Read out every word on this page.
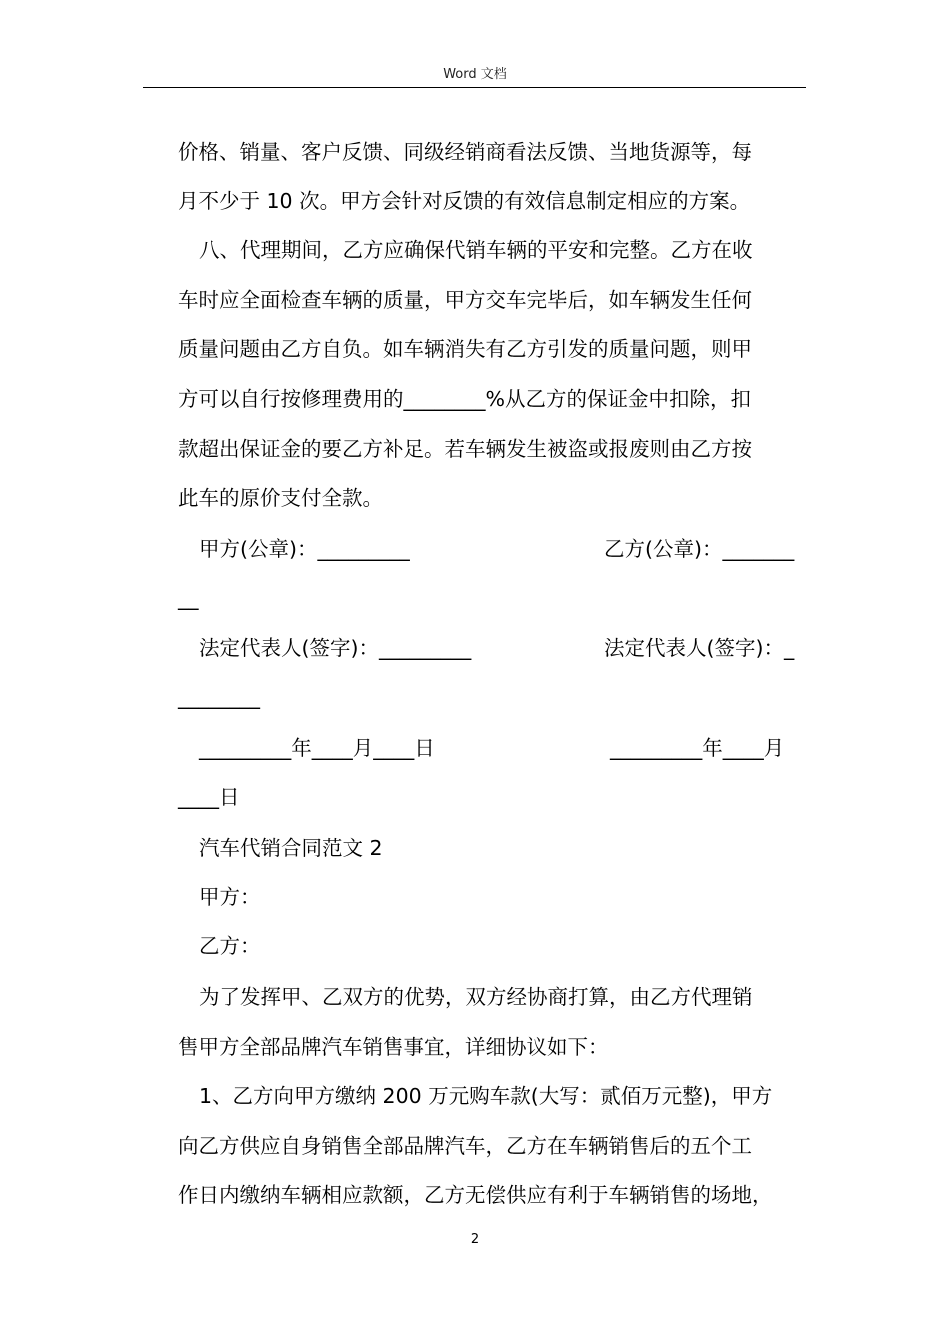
Word 文档
价格、销量、客户反馈、同级经销商看法反馈、当地货源等，每
月不少于 10 次。甲方会针对反馈的有效信息制定相应的方案。
八、代理期间，乙方应确保代销车辆的平安和完整。乙方在收
车时应全面检查车辆的质量，甲方交车完毕后，如车辆发生任何
质量问题由乙方自负。如车辆消失有乙方引发的质量问题，则甲
方可以自行按修理费用的________%从乙方的保证金中扣除，扣
款超出保证金的要乙方补足。若车辆发生被盗或报废则由乙方按
此车的原价支付全款。
甲方(公章)：_________	乙方(公章)：_______
__
法定代表人(签字)：_________	法定代表人(签字)：_
________
_________年____月____日	_________年____月
____日
汽车代销合同范文 2
甲方：
乙方：
为了发挥甲、乙双方的优势，双方经协商打算，由乙方代理销
售甲方全部品牌汽车销售事宜，详细协议如下：
1、乙方向甲方缴纳 200 万元购车款(大写：贰佰万元整)，甲方
向乙方供应自身销售全部品牌汽车，乙方在车辆销售后的五个工
作日内缴纳车辆相应款额，乙方无偿供应有利于车辆销售的场地，
2
